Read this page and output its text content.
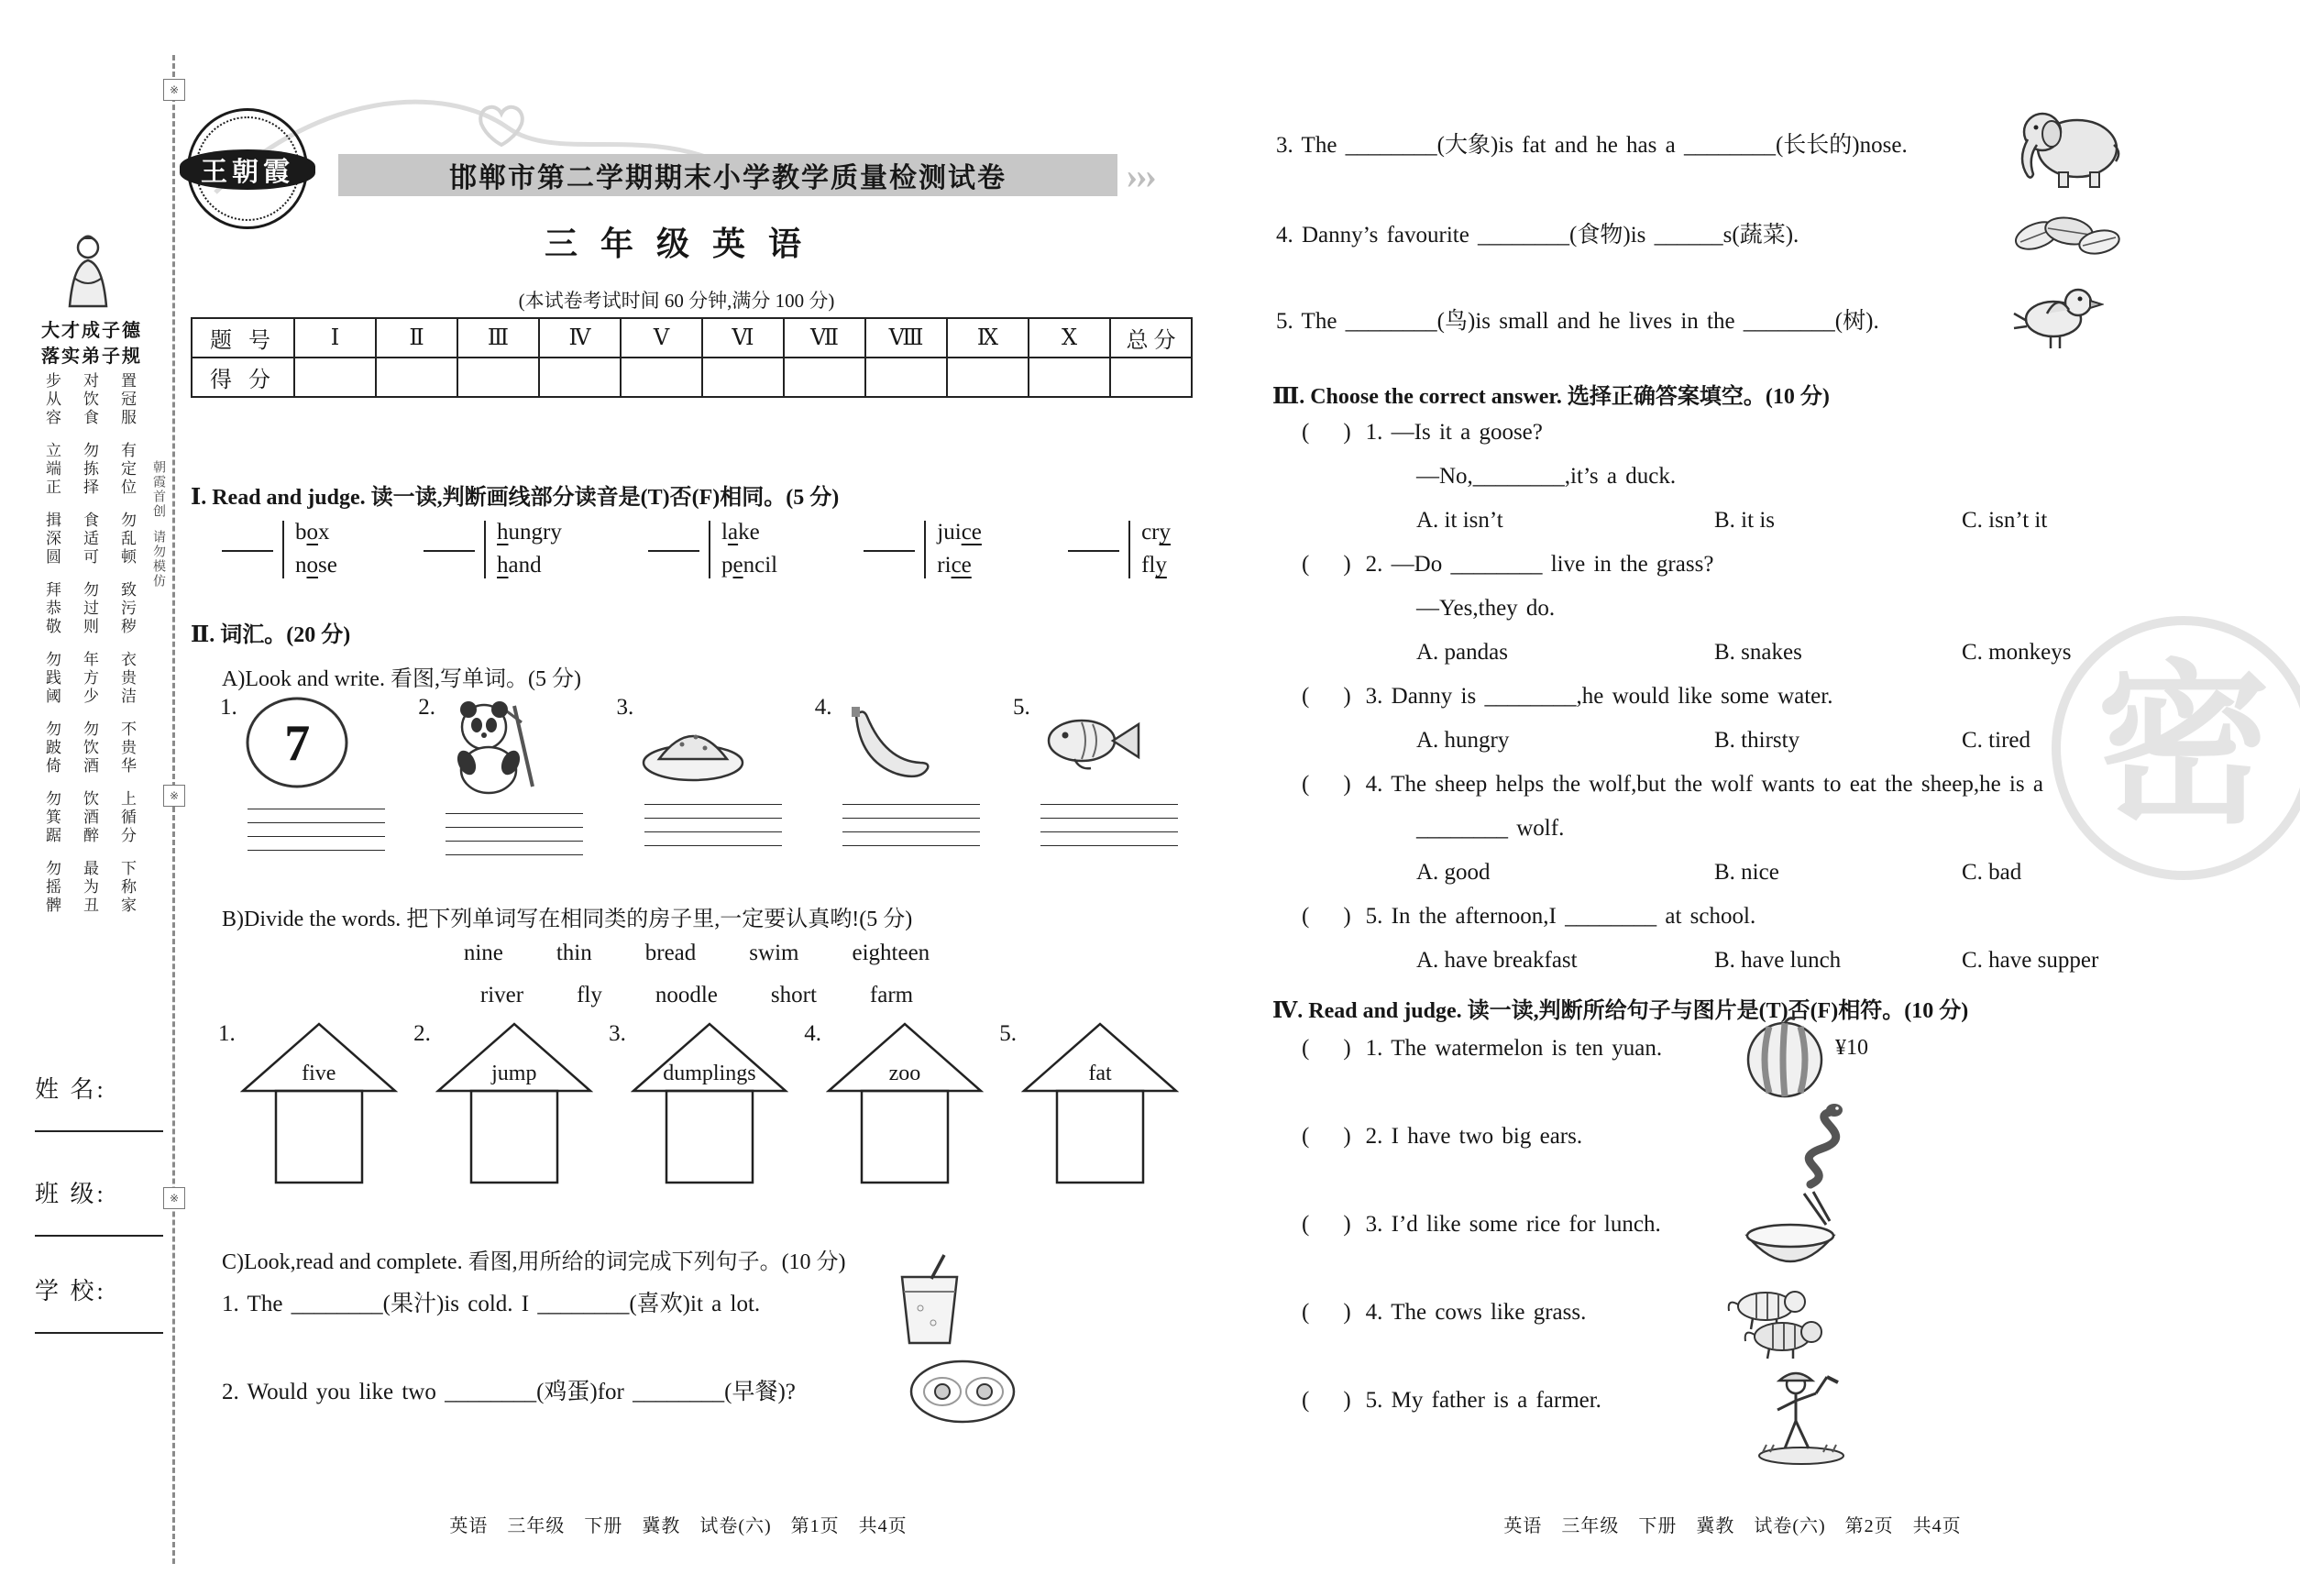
大才成子德
落实弟子规
步从容
立端正
揖深圆
拜恭敬
勿践阈
勿跛倚
勿箕踞
勿摇髀
对饮食
勿拣择
食适可
勿过则
年方少
勿饮酒
饮酒醉
最为丑
置冠服
有定位
勿乱顿
致污秽
衣贵洁
不贵华
上循分
下称家
姓 名:
班 级:
学 校:
朝霞首创
请勿模仿
※
※
※
王朝霞	邯郸市第二学期期末小学教学质量检测试卷	›››
三 年 级 英 语
(本试卷考试时间 60 分钟,满分 100 分)
题 号	Ⅰ	Ⅱ	Ⅲ	Ⅳ	Ⅴ	Ⅵ	Ⅶ	Ⅷ	Ⅸ	Ⅹ	总 分
得 分											
Ⅰ. Read and judge. 读一读,判断画线部分读音是(T)否(F)相同。(5 分)
box
nose
hungry
hand
lake
pencil
juice
rice
cry
fly
Ⅱ. 词汇。(20 分)
A)Look and write. 看图,写单词。(5 分)
1.
7
2.	3.	4.	5.
B)Divide the words. 把下列单词写在相同类的房子里,一定要认真哟!(5 分)
nine thin bread swim eighteen
river fly noodle short farm
1.
five
2.
jump
3.
dumplings
4.
zoo
5.
fat
C)Look,read and complete. 看图,用所给的词完成下列句子。(10 分)
1. The ________(果汁)is cold. I ________(喜欢)it a lot.
2. Would you like two ________(鸡蛋)for ________(早餐)?
英语　三年级　下册　冀教　试卷(六)　第1页　共4页
3. The ________(大象)is fat and he has a ________(长长的)nose.
4. Danny’s favourite ________(食物)is ______s(蔬菜).
5. The ________(鸟)is small and he lives in the ________(树).
Ⅲ. Choose the correct answer. 选择正确答案填空。(10 分)
(    ) 1. —Is it a goose?
—No,________,it’s a duck.
A. it isn’t	B. it is	C. isn’t it
(    ) 2. —Do ________ live in the grass?
—Yes,they do.
A. pandas	B. snakes	C. monkeys
(    ) 3. Danny is ________,he would like some water.
A. hungry	B. thirsty	C. tired
(    ) 4. The sheep helps the wolf,but the wolf wants to eat the sheep,he is a
________ wolf.
A. good	B. nice	C. bad
(    ) 5. In the afternoon,I ________ at school.
A. have breakfast	B. have lunch	C. have supper
Ⅳ. Read and judge. 读一读,判断所给句子与图片是(T)否(F)相符。(10 分)
(    ) 1. The watermelon is ten yuan.	¥10
(    ) 2. I have two big ears.
(    ) 3. I’d like some rice for lunch.
(    ) 4. The cows like grass.
(    ) 5. My father is a farmer.
密
英语　三年级　下册　冀教　试卷(六)　第2页　共4页
